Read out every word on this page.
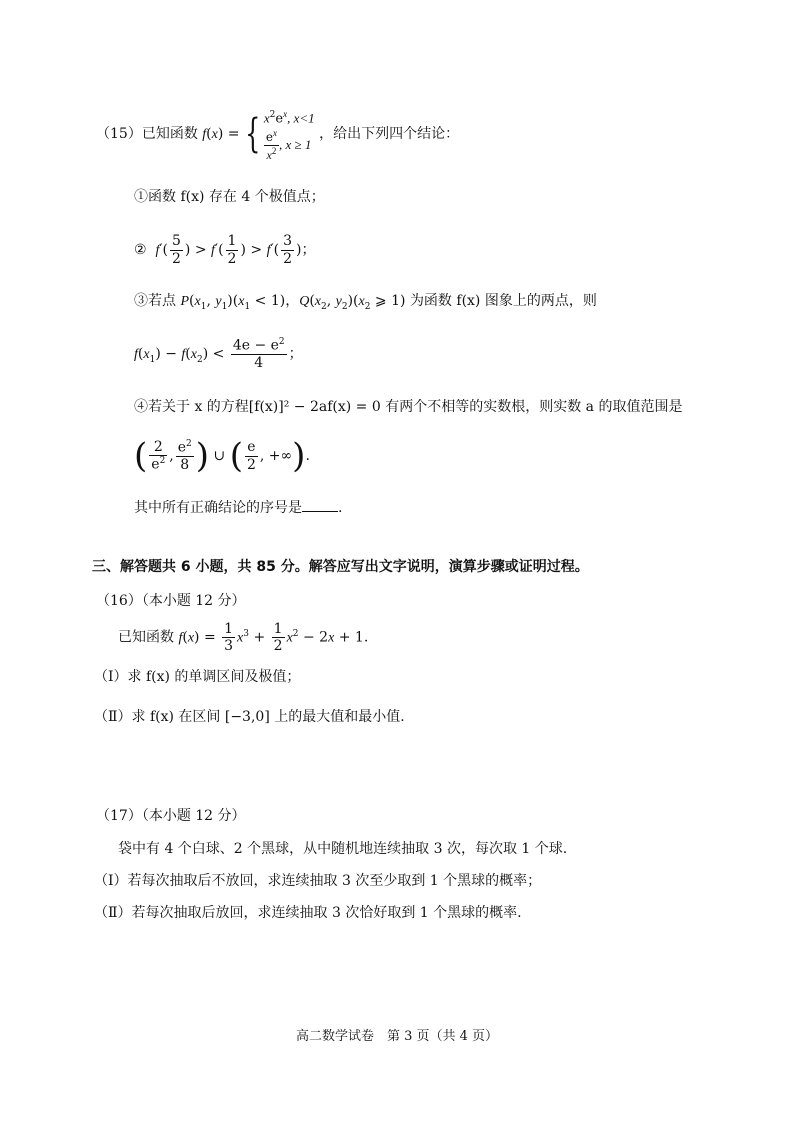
（15）已知函数 f(x) = { $x^2e^x$, x<1
$\frac{e^x}{x^2}$ , x ≥ 1
，给出下列四个结论：
①函数 f(x) 存在 4 个极值点；
② $f'( \frac{5}{2}$ ) > $f'( \frac{1}{2}$ ) > $f'( \frac{3}{2}$ )；
③若点 $P(x_1$, $y_1)(x_1 < 1)$，$Q(x_2$, $y_2)(x_2$ ⩾ 1) 为函数 f(x) 图象上的两点，则
$f(x_1) - f(x_2) < \frac{4e - e^2}{4}$ ；
④若关于 x 的方程[f(x)]² − 2af(x) = 0 有两个不相等的实数根，则实数 a 的取值范围是
( $\frac{2}{e^2}$ , $\frac{e^2}{8}$ ) ∪ ( $\frac{e}{2}$ , +∞).
其中所有正确结论的序号是	.
三、解答题共 6 小题，共 85 分。解答应写出文字说明，演算步骤或证明过程。
（16）（本小题 12 分）
已知函数 $f(x) = \frac{1}{3} x^3 + \frac{1}{2} x^2 - 2x + 1$.
（Ⅰ）求 f(x) 的单调区间及极值；
（Ⅱ）求 f(x) 在区间 [−3,0] 上的最大值和最小值.
（17）（本小题 12 分）
袋中有 4 个白球、2 个黑球，从中随机地连续抽取 3 次，每次取 1 个球.
（Ⅰ）若每次抽取后不放回，求连续抽取 3 次至少取到 1 个黑球的概率；
（Ⅱ）若每次抽取后放回，求连续抽取 3 次恰好取到 1 个黑球的概率.
高二数学试卷　第 3 页（共 4 页）
